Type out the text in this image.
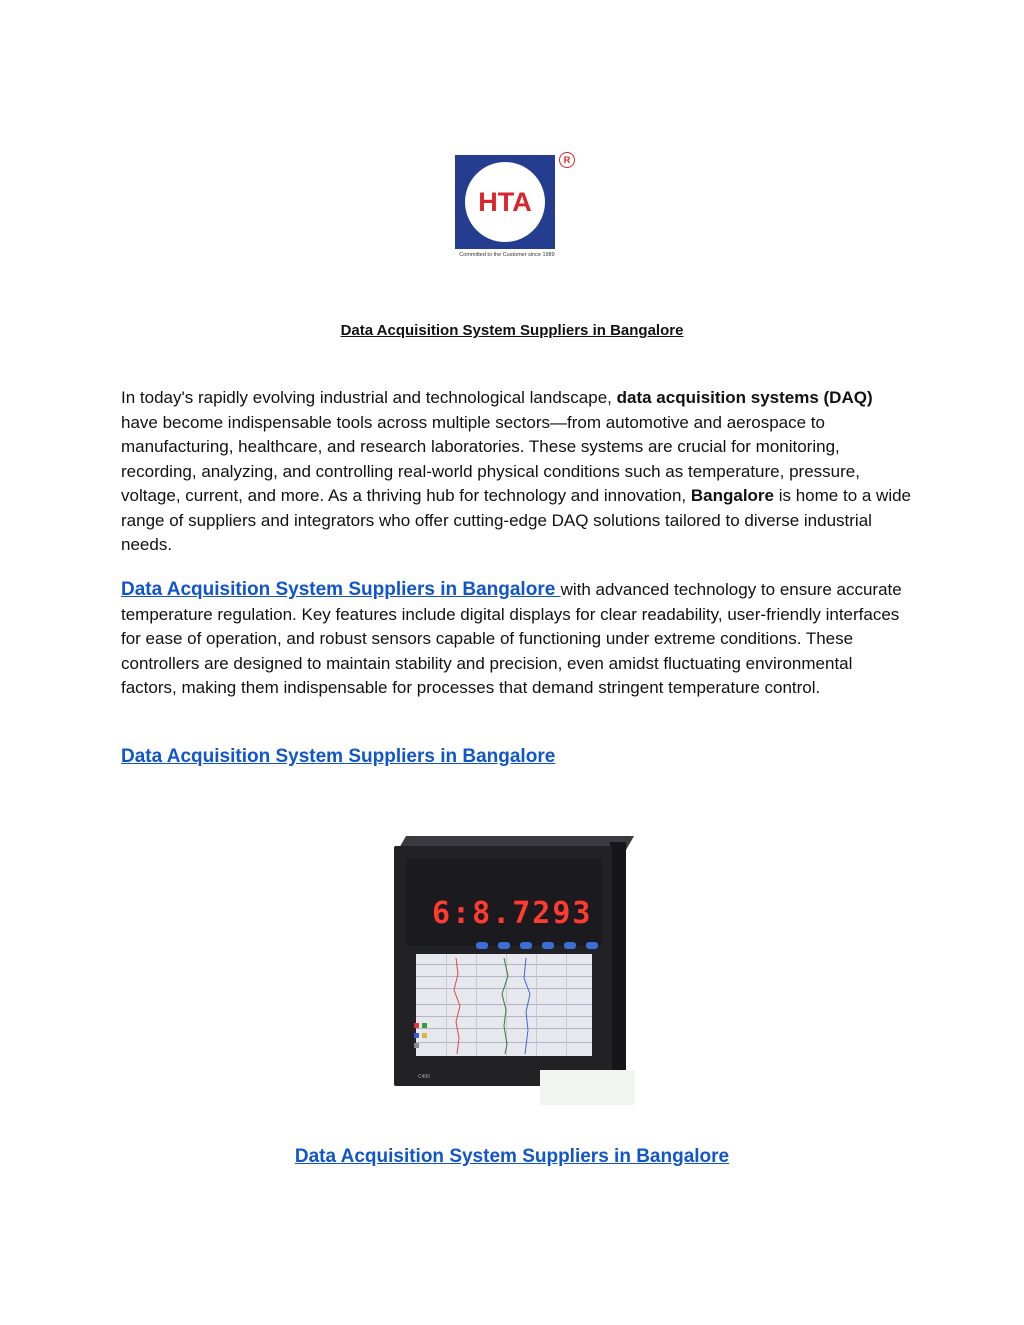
HTA
R
Committed to the Customer since 1989
Data Acquisition System Suppliers in Bangalore
In today's rapidly evolving industrial and technological landscape, data acquisition systems (DAQ) have become indispensable tools across multiple sectors—from automotive and aerospace to manufacturing, healthcare, and research laboratories. These systems are crucial for monitoring, recording, analyzing, and controlling real-world physical conditions such as temperature, pressure, voltage, current, and more. As a thriving hub for technology and innovation, Bangalore is home to a wide range of suppliers and integrators who offer cutting-edge DAQ solutions tailored to diverse industrial needs.
Data Acquisition System Suppliers in Bangalore with advanced technology to ensure accurate temperature regulation. Key features include digital displays for clear readability, user-friendly interfaces for ease of operation, and robust sensors capable of functioning under extreme conditions. These controllers are designed to maintain stability and precision, even amidst fluctuating environmental factors, making them indispensable for processes that demand stringent temperature control.
Data Acquisition System Suppliers in Bangalore
6:8.7293
C400
Data Acquisition System Suppliers in Bangalore
